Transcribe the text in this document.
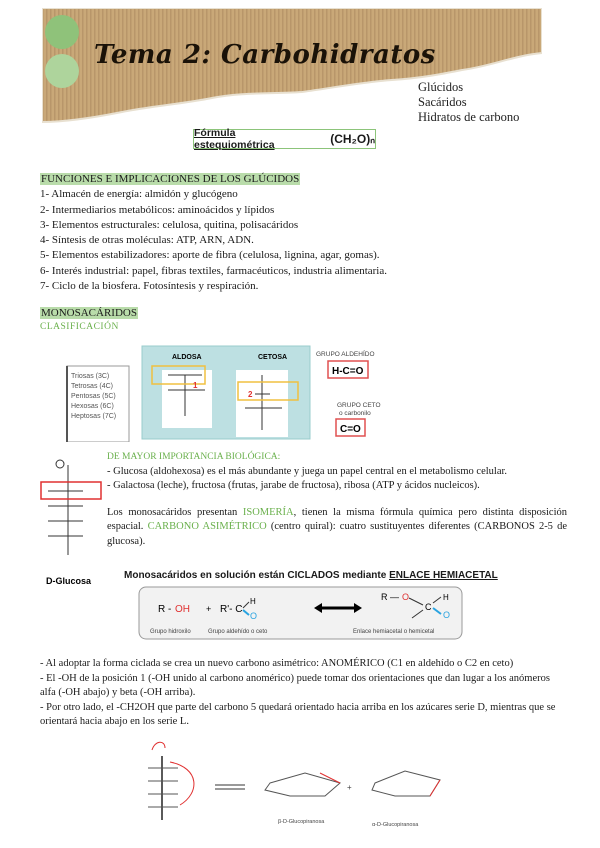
Tema 2: Carbohidratos
Glúcidos
Sacáridos
Hidratos de carbono
Fórmula estequiométrica	(CH₂O)ₙ
FUNCIONES E IMPLICACIONES DE LOS GLÚCIDOS
1- Almacén de energía: almidón y glucógeno
2- Intermediarios metabólicos: aminoácidos y lípidos
3- Elementos estructurales: celulosa, quitina, polisacáridos
4- Síntesis de otras moléculas: ATP, ARN, ADN.
5- Elementos estabilizadores: aporte de fibra (celulosa, lignina, agar, gomas).
6- Interés industrial: papel, fibras textiles, farmacéuticos, industria alimentaria.
7- Ciclo de la biosfera. Fotosíntesis y respiración.
MONOSACÁRIDOS
CLASIFICACIÓN
Triosas (3C)
Tetrosas (4C)
Pentosas (5C)
Hexosas (6C)
Heptosas (7C)
ALDOSA	CETOSA
1
2
GRUPO ALDEHÍDO
H-C=O
GRUPO CETO
o carbonilo
C=O
D-Glucosa
DE MAYOR IMPORTANCIA BIOLÓGICA:
- Glucosa (aldohexosa) es el más abundante y juega un papel central en el metabolismo celular.
- Galactosa (leche), fructosa (frutas, jarabe de fructosa), ribosa (ATP y ácidos nucleicos).
Los monosacáridos presentan ISOMERÍA, tienen la misma fórmula química pero distinta disposición espacial. CARBONO ASIMÉTRICO (centro quiral): cuatro sustituyentes diferentes (CARBONOS 2-5 de glucosa).
Monosacáridos en solución están CICLADOS mediante ENLACE HEMIACETAL
R - OH + R'- C
H
O
R — O
C
H
O
Grupo hidroxilo	Grupo aldehído o ceto	Enlace hemiacetal o hemicetal
- Al adoptar la forma ciclada se crea un nuevo carbono asimétrico: ANOMÉRICO (C1 en aldehído o C2 en ceto)
- El -OH de la posición 1 (-OH unido al carbono anomérico) puede tomar dos orientaciones que dan lugar a los anómeros alfa (-OH abajo) y beta (-OH arriba).
- Por otro lado, el -CH2OH que parte del carbono 5 quedará orientado hacia arriba en los azúcares serie D, mientras que se orientará hacia abajo en los serie L.
β-D-Glucopiranosa
+
α-D-Glucopiranosa
